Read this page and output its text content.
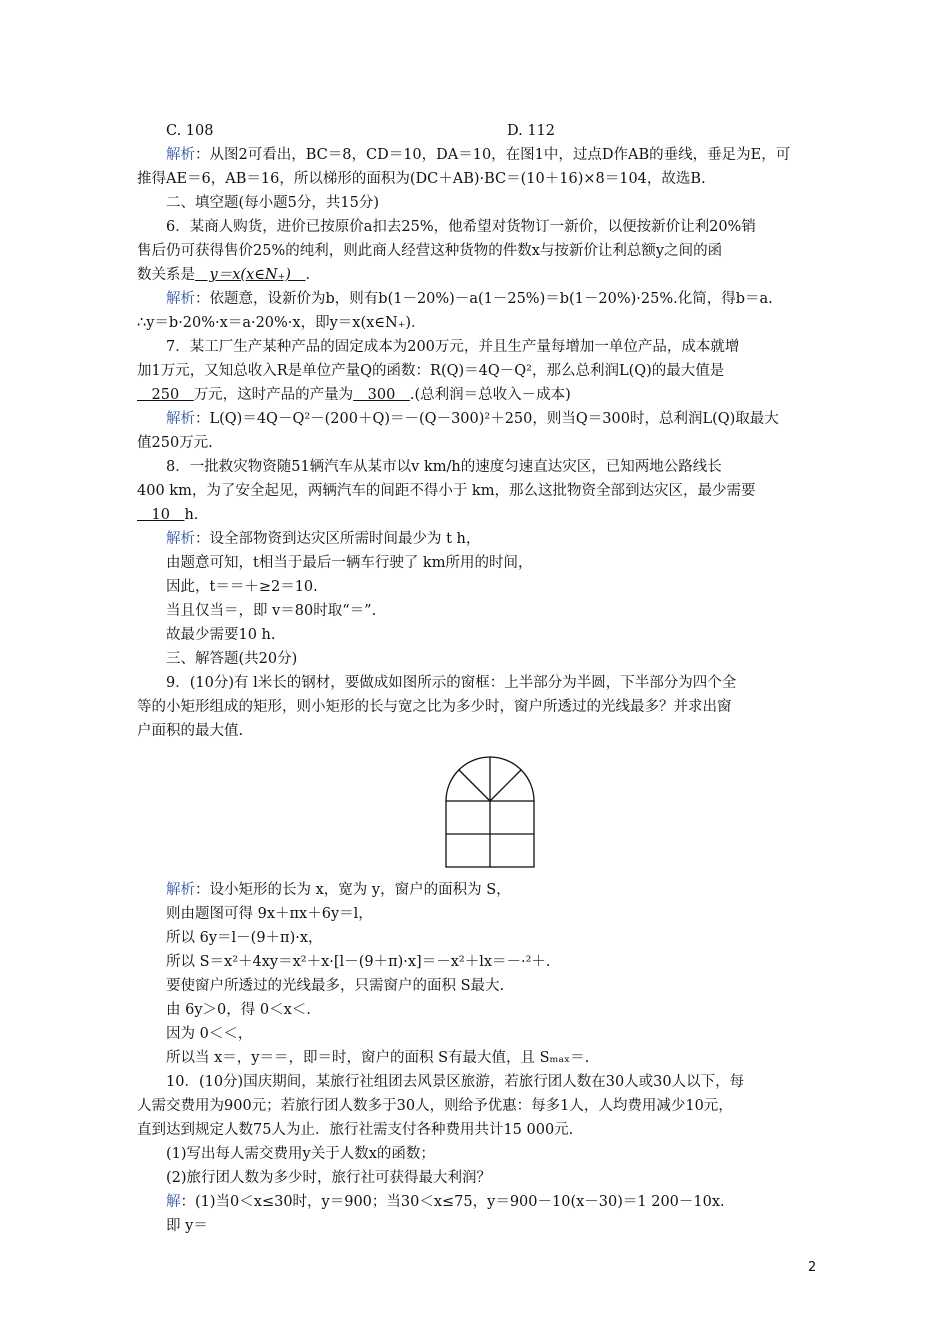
C. 108	D. 112
解析：从图2可看出，BC＝8，CD＝10，DA＝10，在图1中，过点D作AB的垂线，垂足为E，可
推得AE＝6，AB＝16，所以梯形的面积为(DC＋AB)·BC＝(10＋16)×8＝104，故选B.
二、填空题(每小题5分，共15分)
6．某商人购货，进价已按原价a扣去25%，他希望对货物订一新价，以便按新价让利20%销
售后仍可获得售价25%的纯利，则此商人经营这种货物的件数x与按新价让利总额y之间的函
数关系是　y＝x(x∈N₊)　．
解析：依题意，设新价为b，则有b(1－20%)－a(1－25%)＝b(1－20%)·25%.化简，得b＝a.
∴y＝b·20%·x＝a·20%·x，即y＝x(x∈N₊)．
7．某工厂生产某种产品的固定成本为200万元，并且生产量每增加一单位产品，成本就增
加1万元，又知总收入R是单位产量Q的函数：R(Q)＝4Q－Q²，那么总利润L(Q)的最大值是
　250　万元，这时产品的产量为　300　.(总利润＝总收入－成本)
解析：L(Q)＝4Q－Q²－(200＋Q)＝－(Q－300)²＋250，则当Q＝300时，总利润L(Q)取最大
值250万元.
8．一批救灾物资随51辆汽车从某市以v km/h的速度匀速直达灾区，已知两地公路线长
400 km，为了安全起见，两辆汽车的间距不得小于 km，那么这批物资全部到达灾区，最少需要
　10　h.
解析：设全部物资到达灾区所需时间最少为 t h，
由题意可知，t相当于最后一辆车行驶了 km所用的时间，
因此，t＝＝＋≥2＝10.
当且仅当＝，即 v＝80时取“＝”.
故最少需要10 h.
三、解答题(共20分)
9．(10分)有 l米长的钢材，要做成如图所示的窗框：上半部分为半圆，下半部分为四个全
等的小矩形组成的矩形，则小矩形的长与宽之比为多少时，窗户所透过的光线最多？并求出窗
户面积的最大值.
解析：设小矩形的长为 x，宽为 y，窗户的面积为 S，
则由题图可得 9x＋πx＋6y＝l，
所以 6y＝l－(9＋π)·x，
所以 S＝x²＋4xy＝x²＋x·[l－(9＋π)·x]＝－x²＋lx＝－·²＋.
要使窗户所透过的光线最多，只需窗户的面积 S最大.
由 6y＞0，得 0＜x＜.
因为 0＜＜，
所以当 x＝，y＝＝，即＝时，窗户的面积 S有最大值，且 Sₘₐₓ＝.
10．(10分)国庆期间，某旅行社组团去风景区旅游，若旅行团人数在30人或30人以下，每
人需交费用为900元；若旅行团人数多于30人，则给予优惠：每多1人，人均费用减少10元，
直到达到规定人数75人为止．旅行社需支付各种费用共计15 000元.
(1)写出每人需交费用y关于人数x的函数；
(2)旅行团人数为多少时，旅行社可获得最大利润？
解：(1)当0＜x≤30时，y＝900；当30＜x≤75，y＝900－10(x－30)＝1 200－10x.
即 y＝
2
